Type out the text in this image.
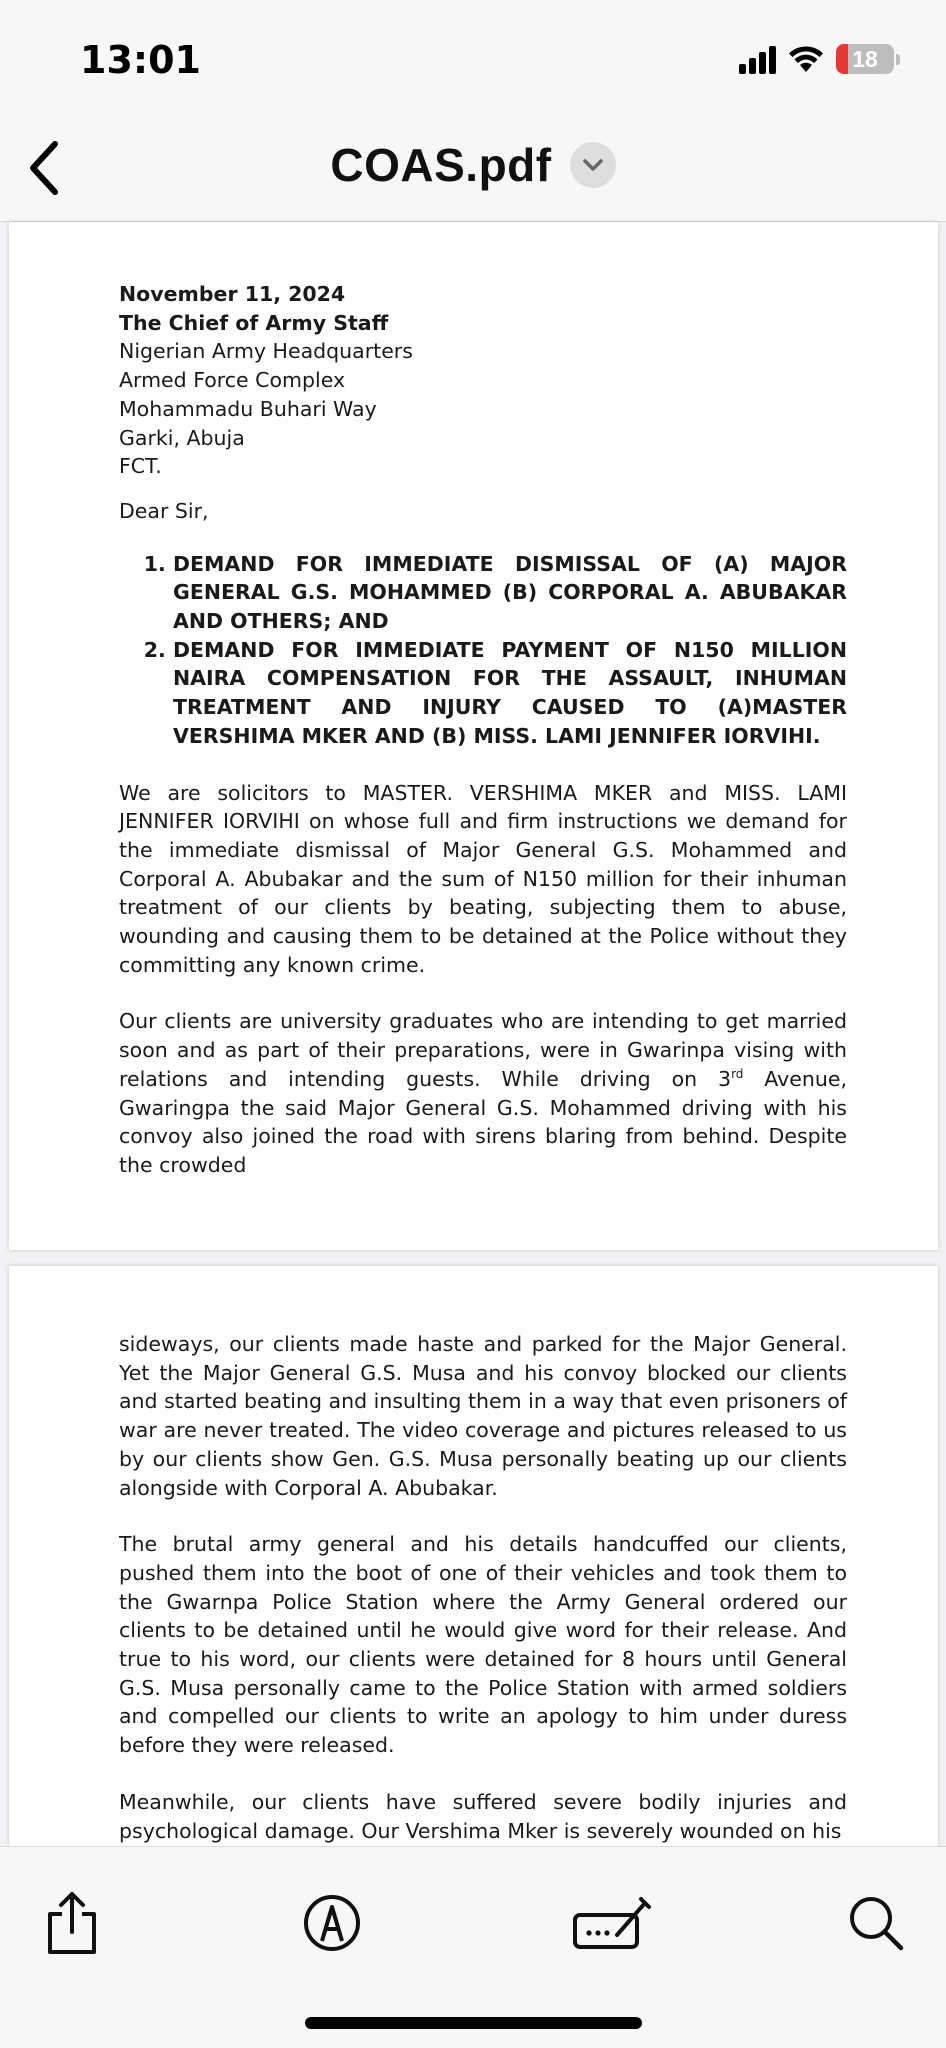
13:01	18
COAS.pdf
November 11, 2024
The Chief of Army Staff
Nigerian Army Headquarters
Armed Force Complex
Mohammadu Buhari Way
Garki, Abuja
FCT.
Dear Sir,
1. DEMAND FOR IMMEDIATE DISMISSAL OF (A) MAJOR GENERAL G.S. MOHAMMED (B) CORPORAL A. ABUBAKAR AND OTHERS; AND
2. DEMAND FOR IMMEDIATE PAYMENT OF N150 MILLION NAIRA COMPENSATION FOR THE ASSAULT, INHUMAN TREATMENT AND INJURY CAUSED TO (A)MASTER VERSHIMA MKER AND (B) MISS. LAMI JENNIFER IORVIHI.

We are solicitors to MASTER. VERSHIMA MKER and MISS. LAMI JENNIFER IORVIHI on whose full and firm instructions we demand for the immediate dismissal of Major General G.S. Mohammed and Corporal A. Abubakar and the sum of N150 million for their inhuman treatment of our clients by beating, subjecting them to abuse, wounding and causing them to be detained at the Police without they committing any known crime.

Our clients are university graduates who are intending to get married soon and as part of their preparations, were in Gwarinpa vising with relations and intending guests. While driving on 3rd Avenue, Gwaringpa the said Major General G.S. Mohammed driving with his convoy also joined the road with sirens blaring from behind. Despite the crowded

sideways, our clients made haste and parked for the Major General. Yet the Major General G.S. Musa and his convoy blocked our clients and started beating and insulting them in a way that even prisoners of war are never treated. The video coverage and pictures released to us by our clients show Gen. G.S. Musa personally beating up our clients alongside with Corporal A. Abubakar.

The brutal army general and his details handcuffed our clients, pushed them into the boot of one of their vehicles and took them to the Gwarnpa Police Station where the Army General ordered our clients to be detained until he would give word for their release. And true to his word, our clients were detained for 8 hours until General G.S. Musa personally came to the Police Station with armed soldiers and compelled our clients to write an apology to him under duress before they were released.

Meanwhile, our clients have suffered severe bodily injuries and psychological damage. Our Vershima Mker is severely wounded on his
